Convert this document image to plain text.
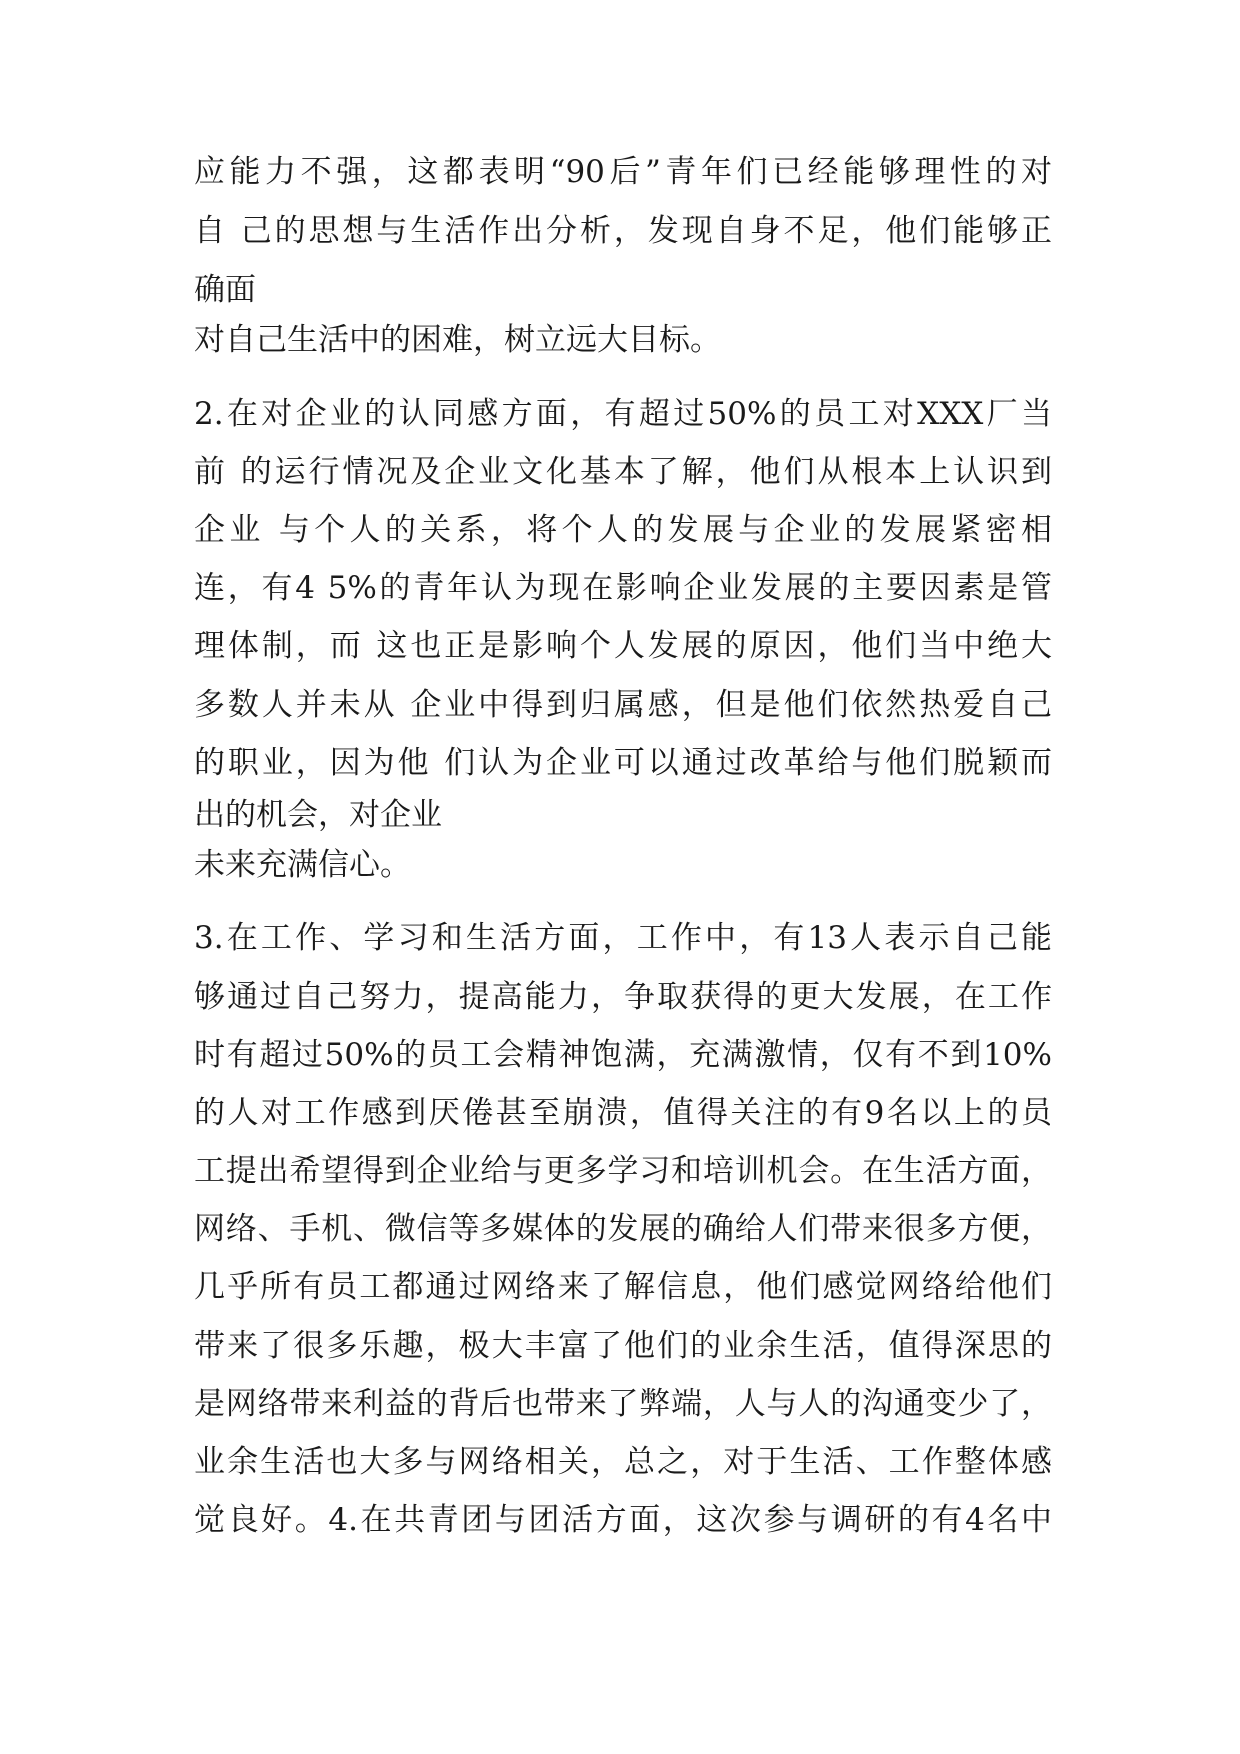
应能力不强，这都表明“90后”青年们已经能够理性的对
自 己的思想与生活作出分析，发现自身不足，他们能够正
确面
对自己生活中的困难，树立远大目标。
2.在对企业的认同感方面，有超过50%的员工对XXX厂当
前 的运行情况及企业文化基本了解，他们从根本上认识到
企业 与个人的关系，将个人的发展与企业的发展紧密相
连，有4 5%的青年认为现在影响企业发展的主要因素是管
理体制，而 这也正是影响个人发展的原因，他们当中绝大
多数人并未从 企业中得到归属感，但是他们依然热爱自己
的职业，因为他 们认为企业可以通过改革给与他们脱颖而
出的机会，对企业
未来充满信心。
3.在工作、学习和生活方面，工作中，有13人表示自己能
够通过自己努力，提高能力，争取获得的更大发展，在工作
时有超过50%的员工会精神饱满，充满激情，仅有不到10%
的人对工作感到厌倦甚至崩溃，值得关注的有9名以上的员
工提出希望得到企业给与更多学习和培训机会。在生活方面，
网络、手机、微信等多媒体的发展的确给人们带来很多方便，
几乎所有员工都通过网络来了解信息，他们感觉网络给他们
带来了很多乐趣，极大丰富了他们的业余生活，值得深思的
是网络带来利益的背后也带来了弊端，人与人的沟通变少了，
业余生活也大多与网络相关，总之，对于生活、工作整体感
觉良好。4.在共青团与团活方面，这次参与调研的有4名中
